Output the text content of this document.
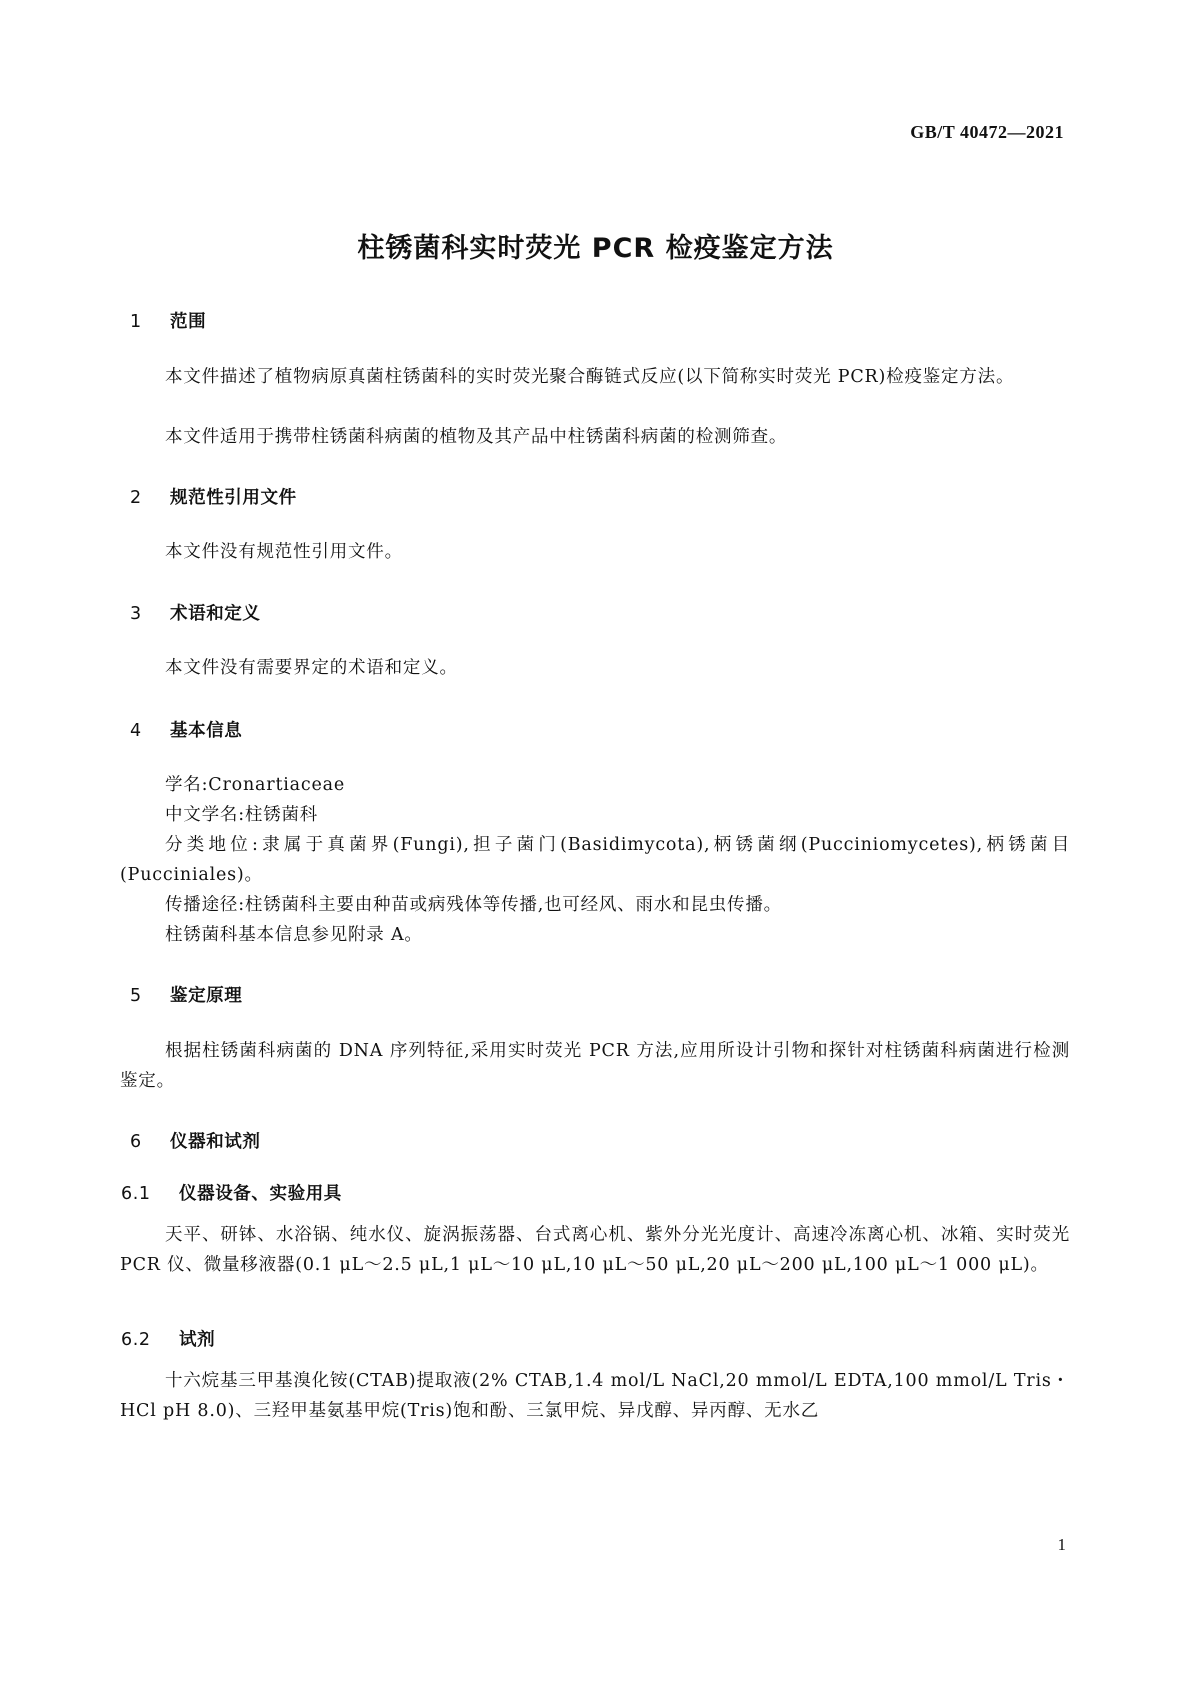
GB/T 40472—2021
柱锈菌科实时荧光 PCR 检疫鉴定方法
1 范围
本文件描述了植物病原真菌柱锈菌科的实时荧光聚合酶链式反应(以下简称实时荧光 PCR)检疫鉴定方法。
本文件适用于携带柱锈菌科病菌的植物及其产品中柱锈菌科病菌的检测筛查。
2 规范性引用文件
本文件没有规范性引用文件。
3 术语和定义
本文件没有需要界定的术语和定义。
4 基本信息
学名:Cronartiaceae
中文学名:柱锈菌科
分类地位:隶属于真菌界(Fungi),担子菌门(Basidimycota),柄锈菌纲(Pucciniomycetes),柄锈菌目(Pucciniales)。
传播途径:柱锈菌科主要由种苗或病残体等传播,也可经风、雨水和昆虫传播。
柱锈菌科基本信息参见附录 A。
5 鉴定原理
根据柱锈菌科病菌的 DNA 序列特征,采用实时荧光 PCR 方法,应用所设计引物和探针对柱锈菌科病菌进行检测鉴定。
6 仪器和试剂
6.1 仪器设备、实验用具
天平、研钵、水浴锅、纯水仪、旋涡振荡器、台式离心机、紫外分光光度计、高速冷冻离心机、冰箱、实时荧光 PCR 仪、微量移液器(0.1 μL～2.5 μL,1 μL～10 μL,10 μL～50 μL,20 μL～200 μL,100 μL～1 000 μL)。
6.2 试剂
十六烷基三甲基溴化铵(CTAB)提取液(2% CTAB,1.4 mol/L NaCl,20 mmol/L EDTA,100 mmol/L Tris・HCl pH 8.0)、三羟甲基氨基甲烷(Tris)饱和酚、三氯甲烷、异戊醇、异丙醇、无水乙
1
